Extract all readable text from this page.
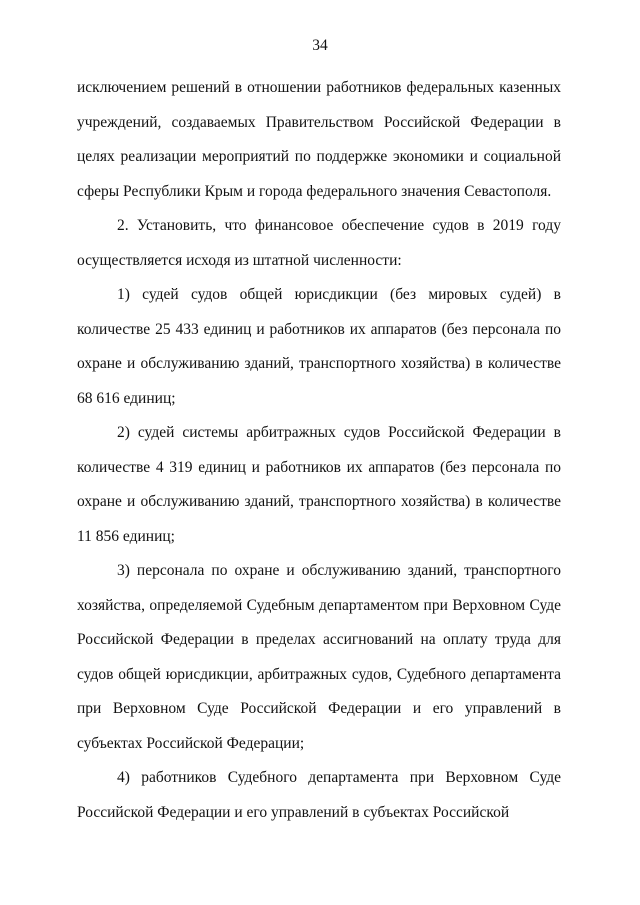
34

исключением решений в отношении работников федеральных казенных учреждений, создаваемых Правительством Российской Федерации в целях реализации мероприятий по поддержке экономики и социальной сферы Республики Крым и города федерального значения Севастополя.

2. Установить, что финансовое обеспечение судов в 2019 году осуществляется исходя из штатной численности:

1) судей судов общей юрисдикции (без мировых судей) в количестве 25 433 единиц и работников их аппаратов (без персонала по охране и обслуживанию зданий, транспортного хозяйства) в количестве 68 616 единиц;

2) судей системы арбитражных судов Российской Федерации в количестве 4 319 единиц и работников их аппаратов (без персонала по охране и обслуживанию зданий, транспортного хозяйства) в количестве 11 856 единиц;

3) персонала по охране и обслуживанию зданий, транспортного хозяйства, определяемой Судебным департаментом при Верховном Суде Российской Федерации в пределах ассигнований на оплату труда для судов общей юрисдикции, арбитражных судов, Судебного департамента при Верховном Суде Российской Федерации и его управлений в субъектах Российской Федерации;

4) работников Судебного департамента при Верховном Суде Российской Федерации и его управлений в субъектах Российской
